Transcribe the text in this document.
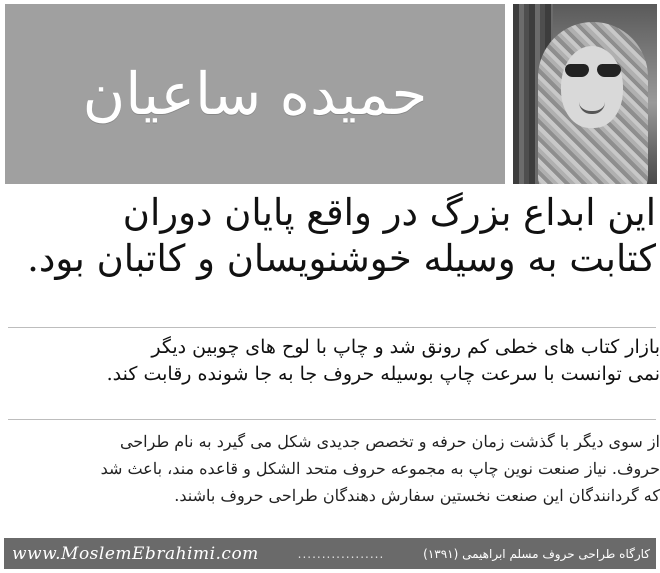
حمیده ساعیان

این ابداع بزرگ در واقع پایان دوران

کتابت به وسیله خوشنویسان و کاتبان بود.

بازار کتاب های خطی کم رونق شد و چاپ با لوح های چوبین دیگر

نمی توانست با سرعت چاپ بوسیله حروف جا به جا شونده رقابت کند.

از سوی دیگر با گذشت زمان حرفه و تخصص جدیدی شکل می گیرد به نام طراحی

حروف. نیاز صنعت نوین چاپ به مجموعه حروف متحد الشکل و قاعده مند، باعث شد

که گردانندگان این صنعت نخستین سفارش دهندگان طراحی حروف باشند.

www.MoslemEbrahimi.com	..................	کارگاه طراحی حروف مسلم ابراهیمی (۱۳۹۱)
